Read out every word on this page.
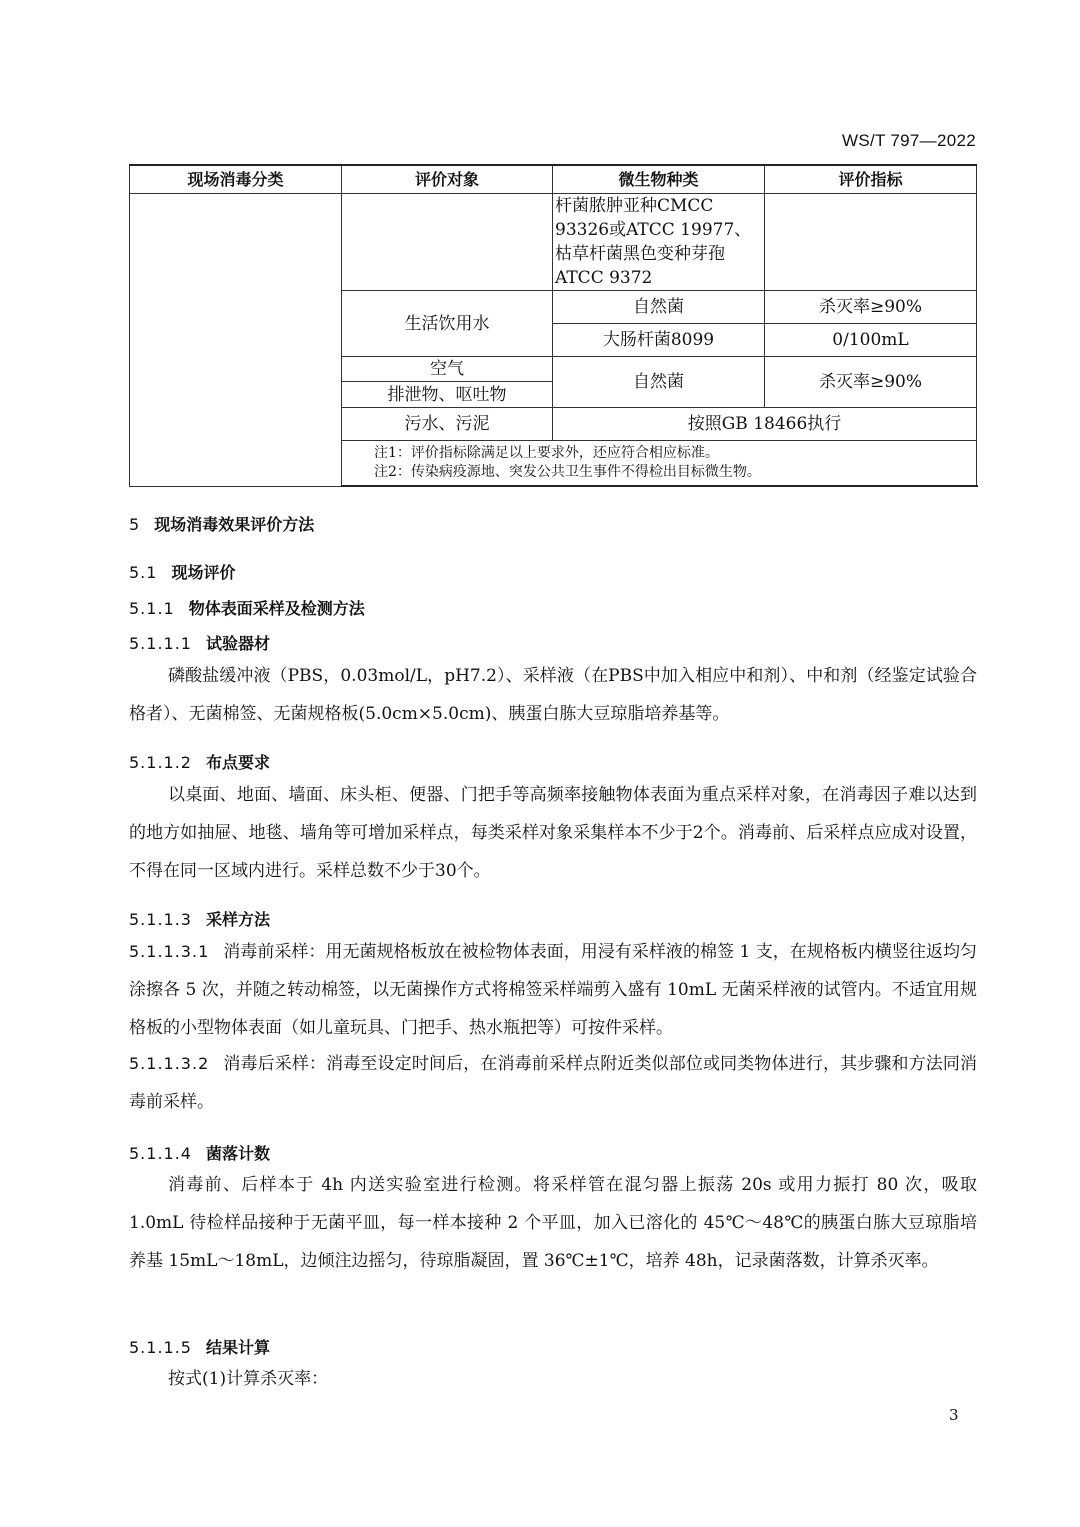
WS/T 797—2022
现场消毒分类	评价对象	微生物种类	评价指标
		杆菌脓肿亚种CMCC 93326或ATCC 19977、枯草杆菌黑色变种芽孢ATCC 9372	
	生活饮用水	自然菌	杀灭率≥90%
		大肠杆菌8099	0/100mL
	空气	自然菌	杀灭率≥90%
	排泄物、呕吐物		
	污水、污泥	按照GB 18466执行	

	注1：评价指标除满足以上要求外，还应符合相应标准。
注2：传染病疫源地、突发公共卫生事件不得检出目标微生物。		
5 现场消毒效果评价方法
5.1 现场评价
5.1.1 物体表面采样及检测方法
5.1.1.1 试验器材
磷酸盐缓冲液（PBS，0.03mol/L，pH7.2）、采样液（在PBS中加入相应中和剂）、中和剂（经鉴定试验合格者）、无菌棉签、无菌规格板(5.0cm×5.0cm)、胰蛋白胨大豆琼脂培养基等。
5.1.1.2 布点要求
以桌面、地面、墙面、床头柜、便器、门把手等高频率接触物体表面为重点采样对象，在消毒因子难以达到的地方如抽屉、地毯、墙角等可增加采样点，每类采样对象采集样本不少于2个。消毒前、后采样点应成对设置，不得在同一区域内进行。采样总数不少于30个。
5.1.1.3 采样方法
5.1.1.3.1 消毒前采样：用无菌规格板放在被检物体表面，用浸有采样液的棉签 1 支，在规格板内横竖往返均匀涂擦各 5 次，并随之转动棉签，以无菌操作方式将棉签采样端剪入盛有 10mL 无菌采样液的试管内。不适宜用规格板的小型物体表面（如儿童玩具、门把手、热水瓶把等）可按件采样。
5.1.1.3.2 消毒后采样：消毒至设定时间后，在消毒前采样点附近类似部位或同类物体进行，其步骤和方法同消毒前采样。
5.1.1.4 菌落计数
消毒前、后样本于 4h 内送实验室进行检测。将采样管在混匀器上振荡 20s 或用力振打 80 次，吸取 1.0mL 待检样品接种于无菌平皿，每一样本接种 2 个平皿，加入已溶化的 45℃～48℃的胰蛋白胨大豆琼脂培养基 15mL～18mL，边倾注边摇匀，待琼脂凝固，置 36℃±1℃，培养 48h，记录菌落数，计算杀灭率。
5.1.1.5 结果计算
按式(1)计算杀灭率：
3
